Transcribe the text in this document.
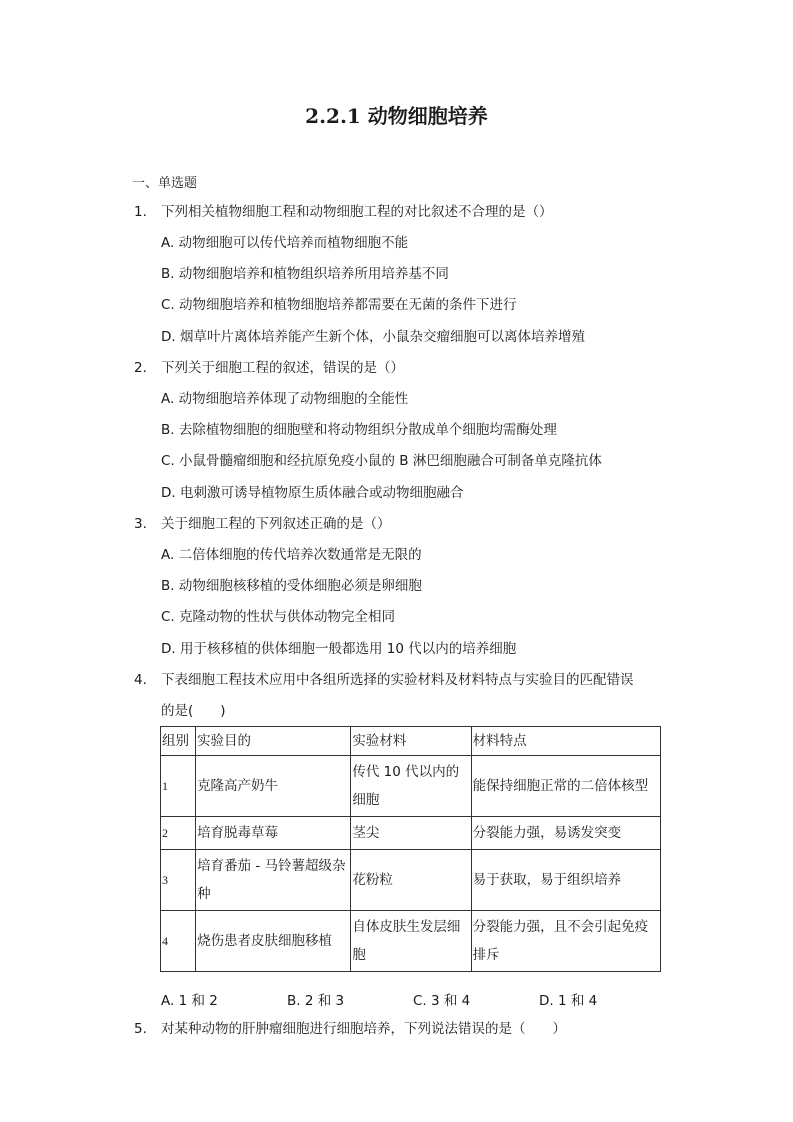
2.2.1 动物细胞培养
一、单选题
1. 下列相关植物细胞工程和动物细胞工程的对比叙述不合理的是（）
A. 动物细胞可以传代培养而植物细胞不能
B. 动物细胞培养和植物组织培养所用培养基不同
C. 动物细胞培养和植物细胞培养都需要在无菌的条件下进行
D. 烟草叶片离体培养能产生新个体，小鼠杂交瘤细胞可以离体培养增殖
2. 下列关于细胞工程的叙述，错误的是（）
A. 动物细胞培养体现了动物细胞的全能性
B. 去除植物细胞的细胞壁和将动物组织分散成单个细胞均需酶处理
C. 小鼠骨髓瘤细胞和经抗原免疫小鼠的 B 淋巴细胞融合可制备单克隆抗体
D. 电刺激可诱导植物原生质体融合或动物细胞融合
3. 关于细胞工程的下列叙述正确的是（）
A. 二倍体细胞的传代培养次数通常是无限的
B. 动物细胞核移植的受体细胞必须是卵细胞
C. 克隆动物的性状与供体动物完全相同
D. 用于核移植的供体细胞一般都选用 10 代以内的培养细胞
4. 下表细胞工程技术应用中各组所选择的实验材料及材料特点与实验目的匹配错误
的是(　　)
组别	实验目的	实验材料	材料特点
1	克隆高产奶牛	传代 10 代以内的细胞	能保持细胞正常的二倍体核型
2	培育脱毒草莓	茎尖	分裂能力强，易诱发突变
3	培育番茄 - 马铃薯超级杂种	花粉粒	易于获取，易于组织培养
4	烧伤患者皮肤细胞移植	自体皮肤生发层细胞	分裂能力强，且不会引起免疫排斥
A. 1 和 2	B. 2 和 3	C. 3 和 4	D. 1 和 4
5. 对某种动物的肝肿瘤细胞进行细胞培养，下列说法错误的是（　　）
